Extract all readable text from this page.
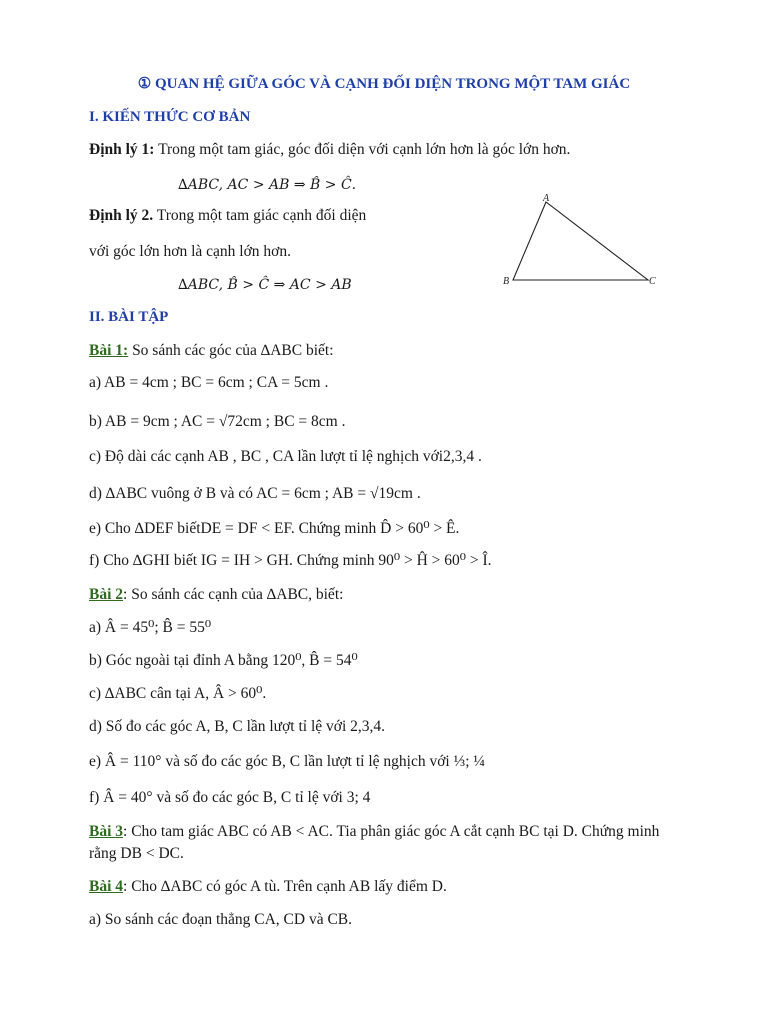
① QUAN HỆ GIỮA GÓC VÀ CẠNH ĐỐI DIỆN TRONG MỘT TAM GIÁC
I. KIẾN THỨC CƠ BẢN
Định lý 1: Trong một tam giác, góc đối diện với cạnh lớn hơn là góc lớn hơn.
∆ABC, AC > AB ⇒ B̂ > Ĉ.
Định lý 2. Trong một tam giác cạnh đối diện
với góc lớn hơn là cạnh lớn hơn.
∆ABC, B̂ > Ĉ ⇒ AC > AB
A
B	C
II. BÀI TẬP
Bài 1: So sánh các góc của ∆ABC biết:
a) AB = 4cm ; BC = 6cm ; CA = 5cm .
b) AB = 9cm ; AC = √72cm ; BC = 8cm .
c) Độ dài các cạnh AB , BC , CA lần lượt tỉ lệ nghịch với2,3,4 .
d) ∆ABC vuông ở B và có AC = 6cm ; AB = √19cm .
e) Cho ∆DEF biếtDE = DF < EF. Chứng minh D̂ > 60⁰ > Ê.
f) Cho ∆GHI biết IG = IH > GH. Chứng minh 90⁰ > Ĥ > 60⁰ > Î.
Bài 2: So sánh các cạnh của ∆ABC, biết:
a) Â = 45⁰; B̂ = 55⁰
b) Góc ngoài tại đỉnh A bằng 120⁰, B̂ = 54⁰
c) ∆ABC cân tại A, Â > 60⁰.
d) Số đo các góc A, B, C lần lượt tỉ lệ với 2,3,4.
e) Â = 110° và số đo các góc B, C lần lượt tỉ lệ nghịch với ⅓; ¼
f) Â = 40° và số đo các góc B, C tỉ lệ với 3; 4
Bài 3: Cho tam giác ABC có AB < AC. Tia phân giác góc A cắt cạnh BC tại D. Chứng minh
rằng DB < DC.
Bài 4: Cho ∆ABC có góc A tù. Trên cạnh AB lấy điểm D.
a) So sánh các đoạn thẳng CA, CD và CB.
